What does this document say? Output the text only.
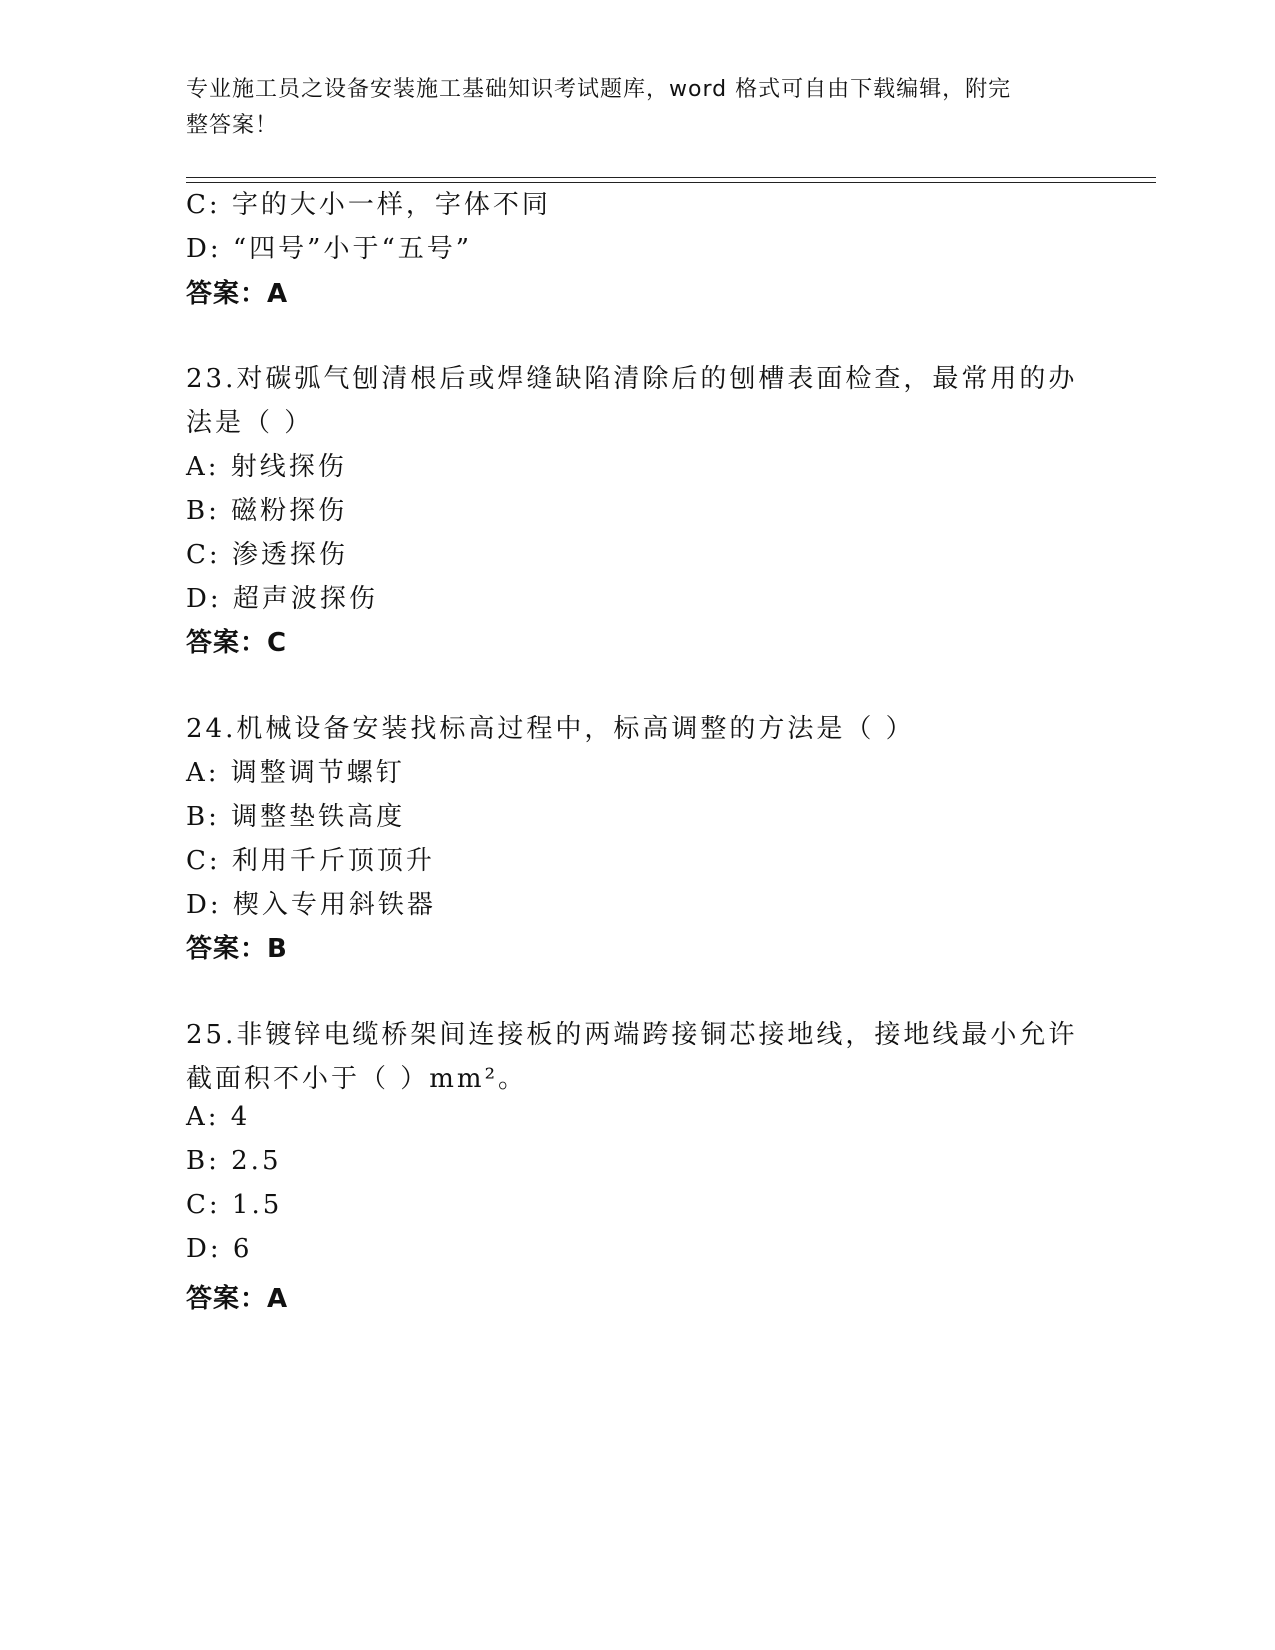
专业施工员之设备安装施工基础知识考试题库，word 格式可自由下载编辑，附完
整答案！
C: 字的大小一样，字体不同
D: “四号”小于“五号”
答案：A
23.对碳弧气刨清根后或焊缝缺陷清除后的刨槽表面检查，最常用的办
法是（ ）
A: 射线探伤
B: 磁粉探伤
C: 渗透探伤
D: 超声波探伤
答案：C
24.机械设备安装找标高过程中，标高调整的方法是（ ）
A: 调整调节螺钉
B: 调整垫铁高度
C: 利用千斤顶顶升
D: 楔入专用斜铁器
答案：B
25.非镀锌电缆桥架间连接板的两端跨接铜芯接地线，接地线最小允许
截面积不小于（ ）mm²。
A: 4
B: 2.5
C: 1.5
D: 6
答案：A
